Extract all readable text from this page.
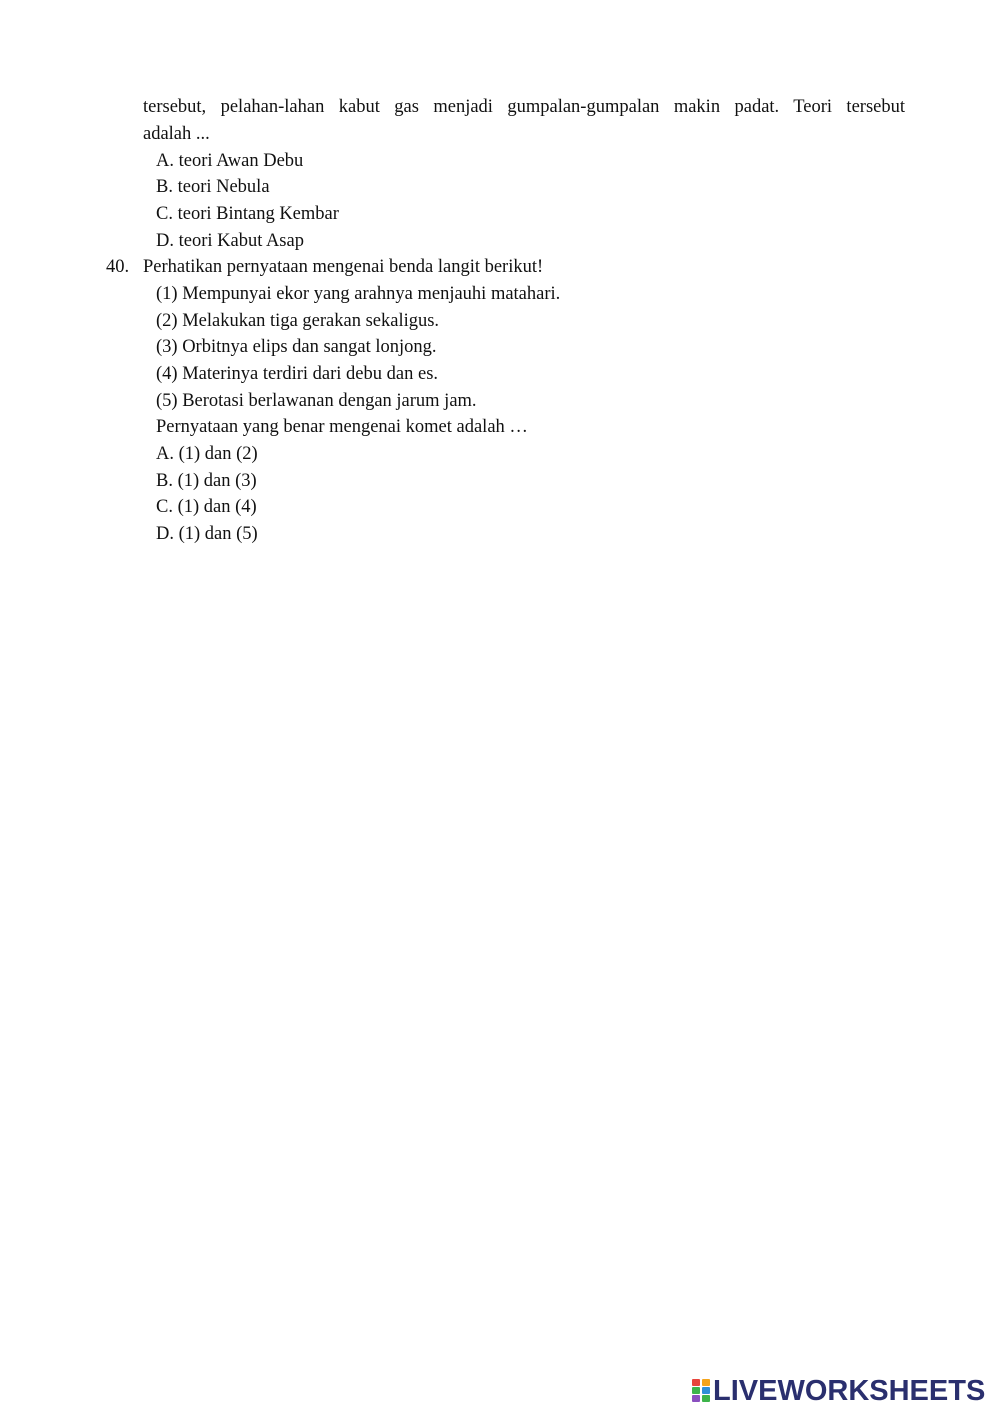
tersebut, pelahan-lahan kabut gas menjadi gumpalan-gumpalan makin padat. Teori tersebut
adalah ...
A. teori Awan Debu
B. teori Nebula
C. teori Bintang Kembar
D. teori Kabut Asap
40. Perhatikan pernyataan mengenai benda langit berikut!
(1) Mempunyai ekor yang arahnya menjauhi matahari.
(2) Melakukan tiga gerakan sekaligus.
(3) Orbitnya elips dan sangat lonjong.
(4) Materinya terdiri dari debu dan es.
(5) Berotasi berlawanan dengan jarum jam.
Pernyataan yang benar mengenai komet adalah …
A. (1) dan (2)
B. (1) dan (3)
C. (1) dan (4)
D. (1) dan (5)
LIVEWORKSHEETS
